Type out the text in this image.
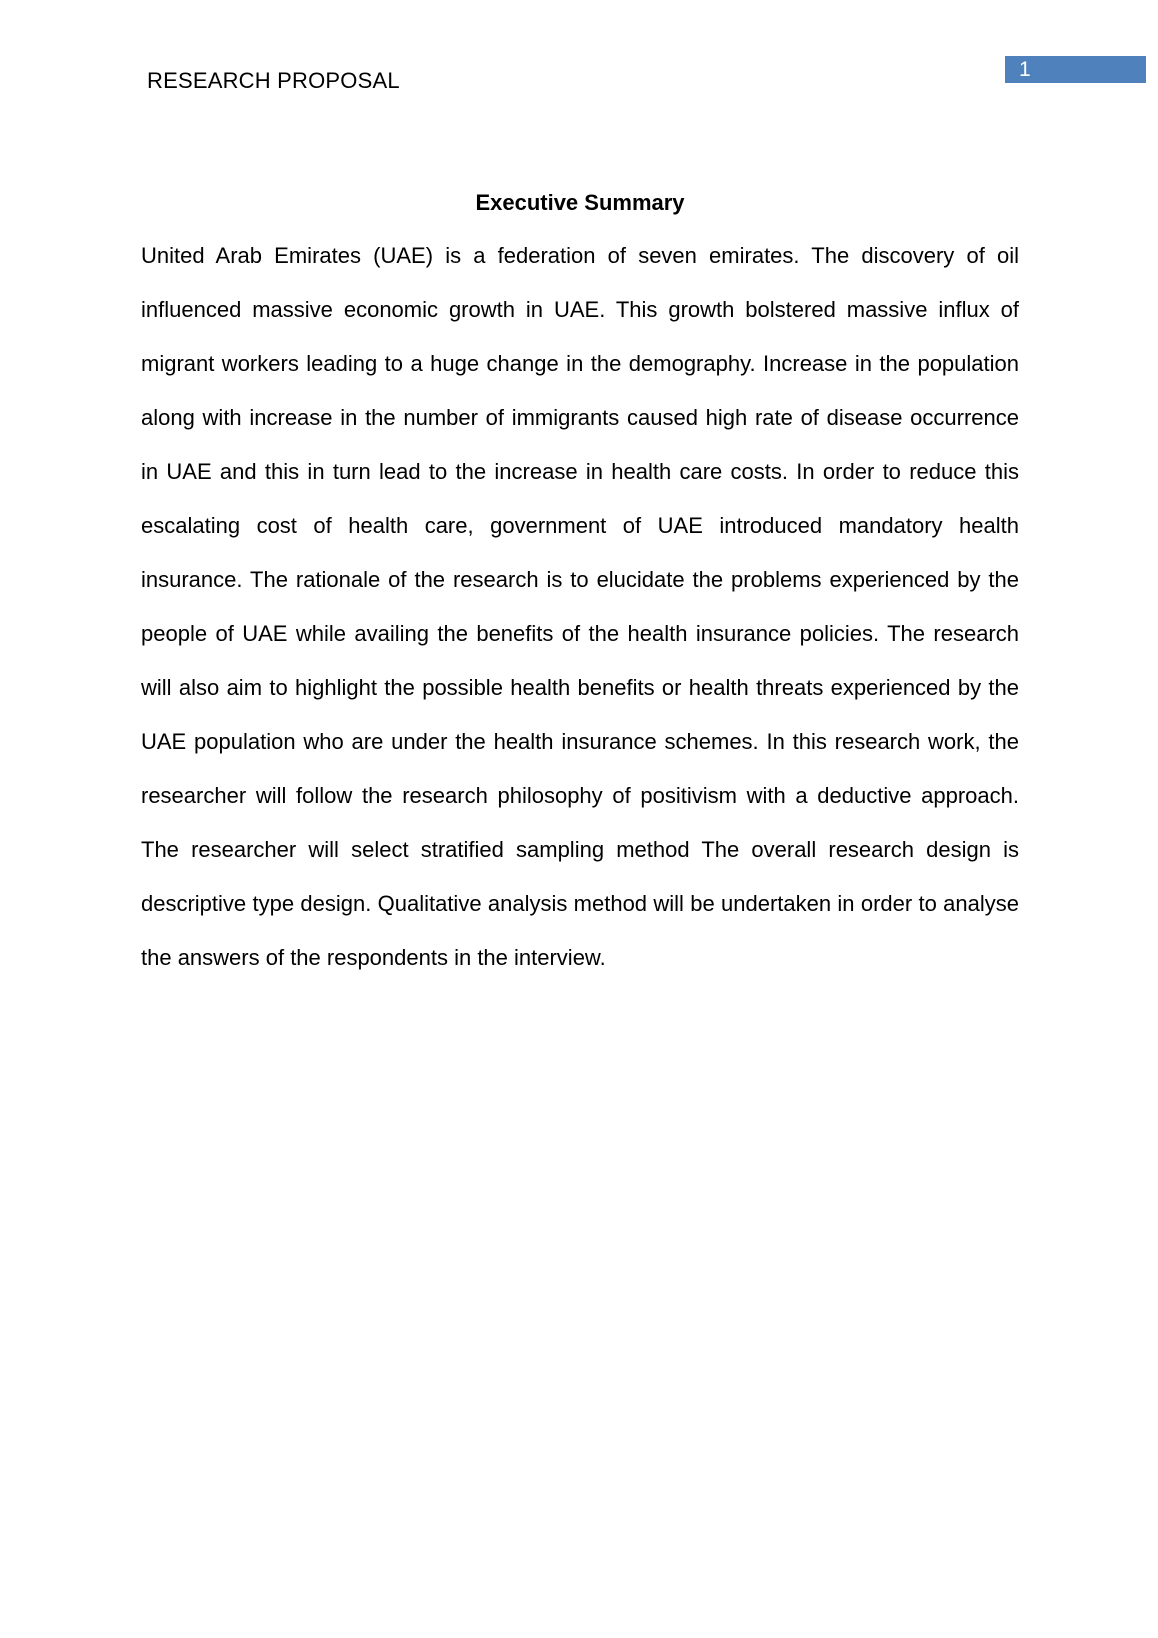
RESEARCH PROPOSAL	1
Executive Summary

United Arab Emirates (UAE) is a federation of seven emirates. The discovery of oil influenced massive economic growth in UAE. This growth bolstered massive influx of migrant workers leading to a huge change in the demography. Increase in the population along with increase in the number of immigrants caused high rate of disease occurrence in UAE and this in turn lead to the increase in health care costs. In order to reduce this escalating cost of health care, government of UAE introduced mandatory health insurance. The rationale of the research is to elucidate the problems experienced by the people of UAE while availing the benefits of the health insurance policies. The research will also aim to highlight the possible health benefits or health threats experienced by the UAE population who are under the health insurance schemes. In this research work, the researcher will follow the research philosophy of positivism with a deductive approach. The researcher will select stratified sampling method The overall research design is descriptive type design. Qualitative analysis method will be undertaken in order to analyse the answers of the respondents in the interview.
